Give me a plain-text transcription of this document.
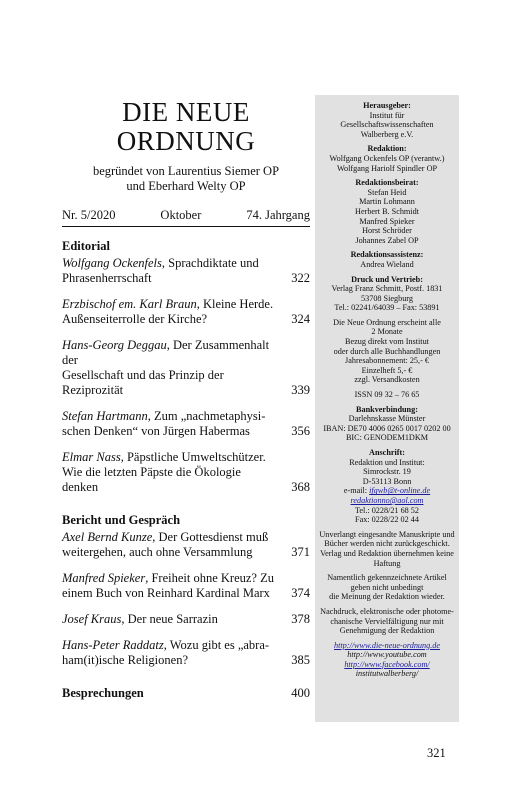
DIE NEUE
ORDNUNG
begründet von Laurentius Siemer OP
und Eberhard Welty OP
Nr. 5/2020	Oktober	74. Jahrgang
Editorial
Wolfgang Ockenfels, Sprachdiktate und
Phrasenherrschaft	322
Erzbischof em. Karl Braun, Kleine Herde.
Außenseiterrolle der Kirche?	324
Hans-Georg Deggau, Der Zusammenhalt der
Gesellschaft und das Prinzip der Reziprozität	339
Stefan Hartmann, Zum „nachmetaphysi-
schen Denken“ von Jürgen Habermas	356
Elmar Nass, Päpstliche Umweltschützer.
Wie die letzten Päpste die Ökologie denken	368
Bericht und Gespräch
Axel Bernd Kunze, Der Gottesdienst muß
weitergehen, auch ohne Versammlung	371
Manfred Spieker, Freiheit ohne Kreuz? Zu
einem Buch von Reinhard Kardinal Marx	374
Josef Kraus, Der neue Sarrazin	378
Hans-Peter Raddatz, Wozu gibt es „abra-
ham(it)ische Religionen?	385
Besprechungen	400
Herausgeber:
Institut für
Gesellschaftswissenschaften
Walberberg e.V.
Redaktion:
Wolfgang Ockenfels OP (verantw.)
Wolfgang Hariolf Spindler OP
Redaktionsbeirat:
Stefan Heid
Martin Lohmann
Herbert B. Schmidt
Manfred Spieker
Horst Schröder
Johannes Zabel OP
Redaktionsassistenz:
Andrea Wieland
Druck und Vertrieb:
Verlag Franz Schmitt, Postf. 1831
53708 Siegburg
Tel.: 02241/64039 – Fax: 53891
Die Neue Ordnung erscheint alle
2 Monate
Bezug direkt vom Institut
oder durch alle Buchhandlungen
Jahresabonnement: 25,- €
Einzelheft 5,- €
zzgl. Versandkosten
ISSN 09 32 – 76 65
Bankverbindung:
Darlehnskasse Münster
IBAN: DE70 4006 0265 0017 0202 00
BIC: GENODEM1DKM
Anschrift:
Redaktion und Institut:
Simrockstr. 19
D-53113 Bonn
e-mail: ifgwb@t-online.de
redaktionno@aol.com
Tel.: 0228/21 68 52
Fax: 0228/22 02 44
Unverlangt eingesandte Manuskripte und
Bücher werden nicht zurückgeschickt.
Verlag und Redaktion übernehmen keine
Haftung
Namentlich gekennzeichnete Artikel
geben nicht unbedingt
die Meinung der Redaktion wieder.
Nachdruck, elektronische oder photome-
chanische Vervielfältigung nur mit
Genehmigung der Redaktion
http://www.die-neue-ordnung.de
http://www.youtube.com
http://www.facebook.com/
institutwalberberg/
321
